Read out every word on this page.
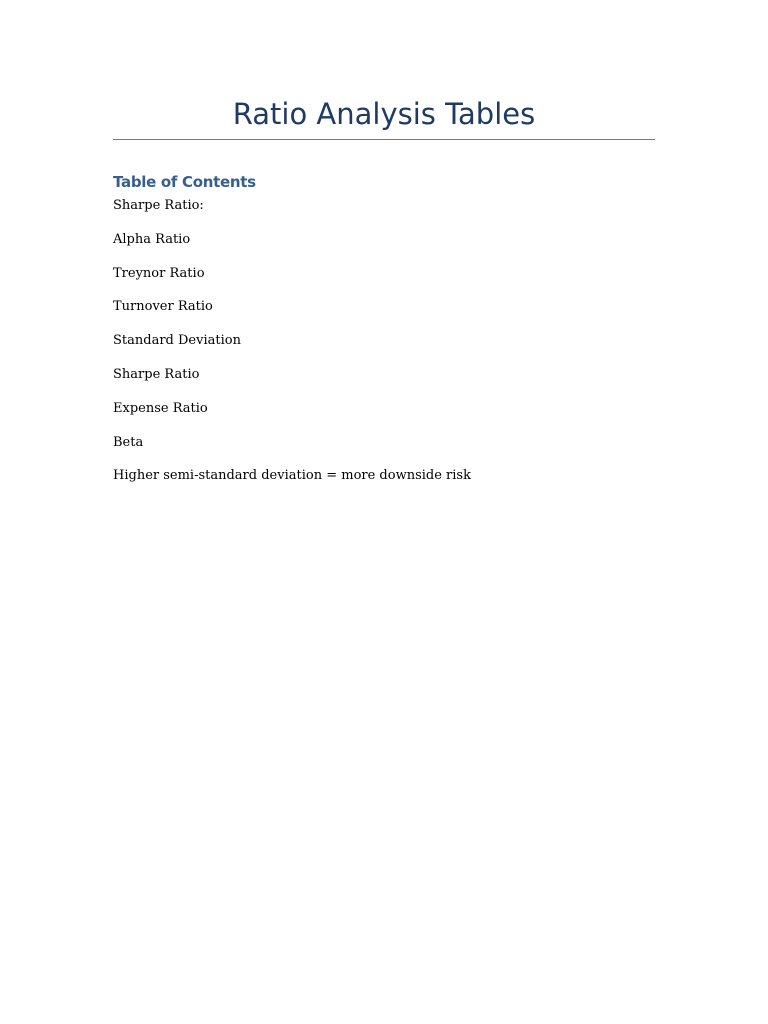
Ratio Analysis Tables
Table of Contents
Sharpe Ratio:
Alpha Ratio
Treynor Ratio
Turnover Ratio
Standard Deviation
Sharpe Ratio
Expense Ratio
Beta
Higher semi-standard deviation = more downside risk
